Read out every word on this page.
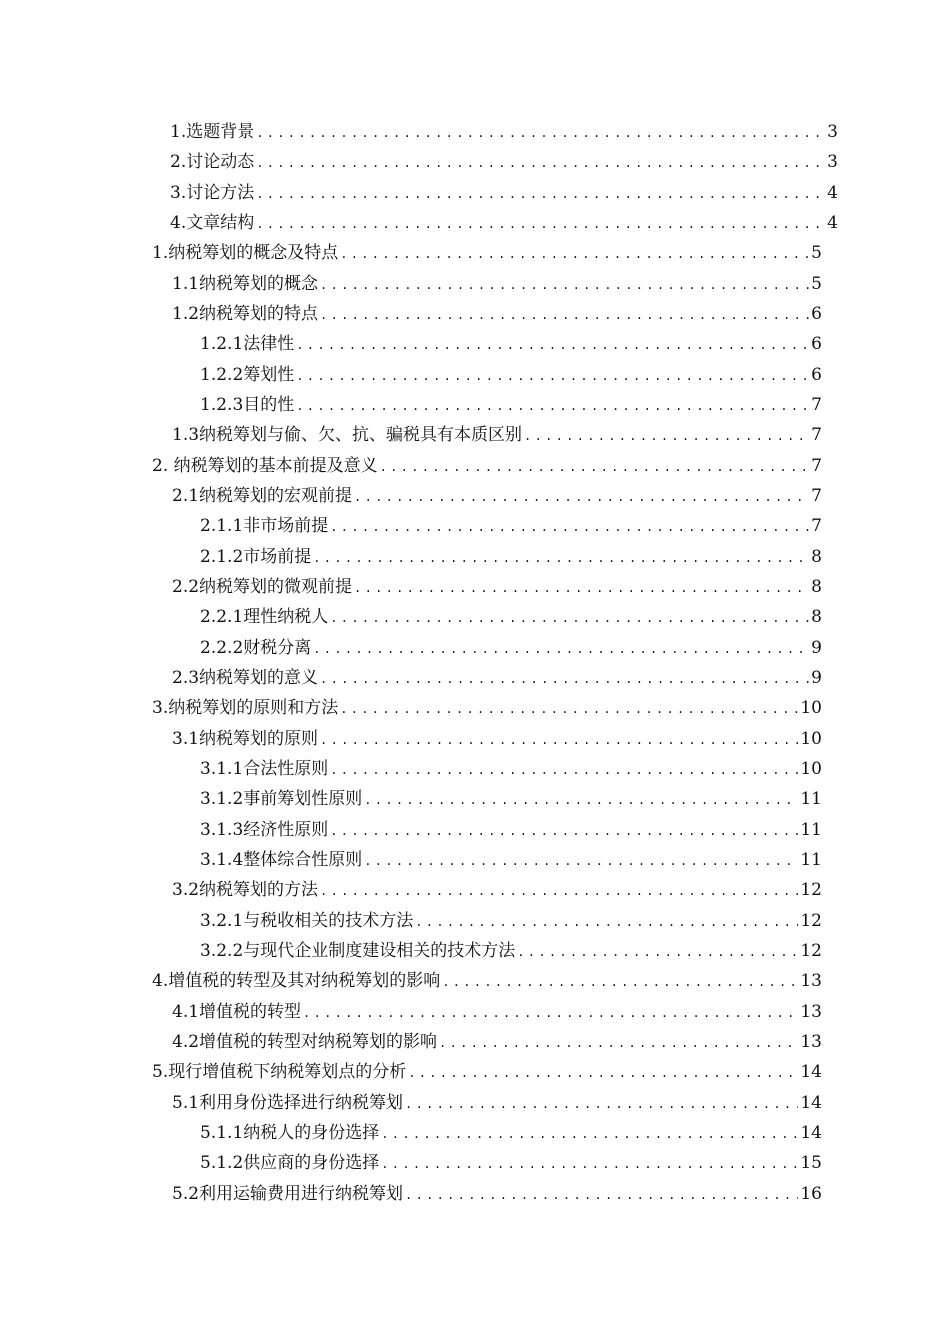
1.选题背景 .....	3
2.讨论动态 .....	3
3.讨论方法 .....	4
4.文章结构 .....	4
1.纳税筹划的概念及特点 .....	5
1.1纳税筹划的概念 .....	5
1.2纳税筹划的特点 .....	6
1.2.1法律性 .....	6
1.2.2筹划性 .....	6
1.2.3目的性 .....	7
1.3纳税筹划与偷、欠、抗、骗税具有本质区别 .....	7
2. 纳税筹划的基本前提及意义 .....	7
2.1纳税筹划的宏观前提 .....	7
2.1.1非市场前提 .....	7
2.1.2市场前提 .....	8
2.2纳税筹划的微观前提 .....	8
2.2.1理性纳税人 .....	8
2.2.2财税分离 .....	9
2.3纳税筹划的意义 .....	9
3.纳税筹划的原则和方法 .....	10
3.1纳税筹划的原则 .....	10
3.1.1合法性原则 .....	10
3.1.2事前筹划性原则 .....	11
3.1.3经济性原则 .....	11
3.1.4整体综合性原则 .....	11
3.2纳税筹划的方法 .....	12
3.2.1与税收相关的技术方法 .....	12
3.2.2与现代企业制度建设相关的技术方法 .....	12
4.增值税的转型及其对纳税筹划的影响 .....	13
4.1增值税的转型 .....	13
4.2增值税的转型对纳税筹划的影响 .....	13
5.现行增值税下纳税筹划点的分析 .....	14
5.1利用身份选择进行纳税筹划 .....	14
5.1.1纳税人的身份选择 .....	14
5.1.2供应商的身份选择 .....	15
5.2利用运输费用进行纳税筹划 .....	16
